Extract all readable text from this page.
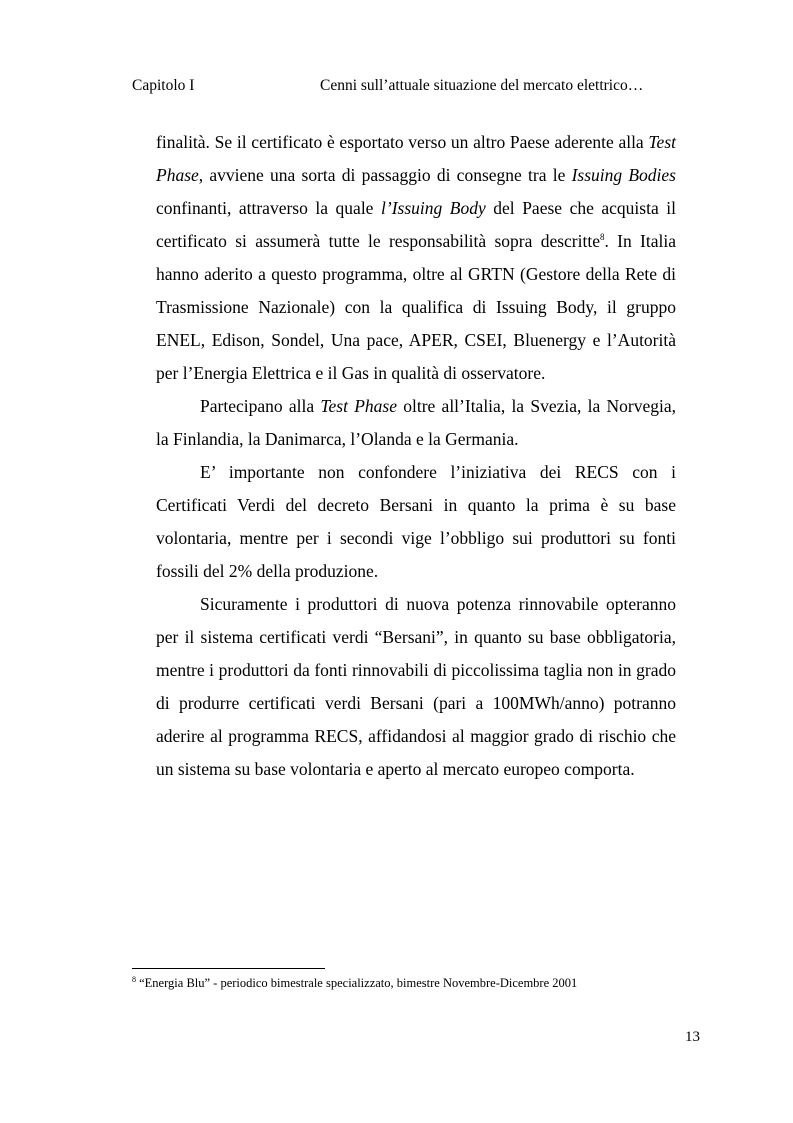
Capitolo I	Cenni sull’attuale situazione del mercato elettrico…

finalità. Se il certificato è esportato verso un altro Paese aderente alla Test Phase, avviene una sorta di passaggio di consegne tra le Issuing Bodies confinanti, attraverso la quale l’Issuing Body del Paese che acquista il certificato si assumerà tutte le responsabilità sopra descritte$^8$. In Italia hanno aderito a questo programma, oltre al GRTN (Gestore della Rete di Trasmissione Nazionale) con la qualifica di Issuing Body, il gruppo ENEL, Edison, Sondel, Una pace, APER, CSEI, Bluenergy e l’Autorità per l’Energia Elettrica e il Gas in qualità di osservatore.

Partecipano alla Test Phase oltre all’Italia, la Svezia, la Norvegia, la Finlandia, la Danimarca, l’Olanda e la Germania.

E’ importante non confondere l’iniziativa dei RECS con i Certificati Verdi del decreto Bersani in quanto la prima è su base volontaria, mentre per i secondi vige l’obbligo sui produttori su fonti fossili del 2% della produzione.

Sicuramente i produttori di nuova potenza rinnovabile opteranno per il sistema certificati verdi “Bersani”, in quanto su base obbligatoria, mentre i produttori da fonti rinnovabili di piccolissima taglia non in grado di produrre certificati verdi Bersani (pari a 100MWh/anno) potranno aderire al programma RECS, affidandosi al maggior grado di rischio che un sistema su base volontaria e aperto al mercato europeo comporta.

$^8$ “Energia Blu” - periodico bimestrale specializzato, bimestre Novembre-Dicembre 2001
13
